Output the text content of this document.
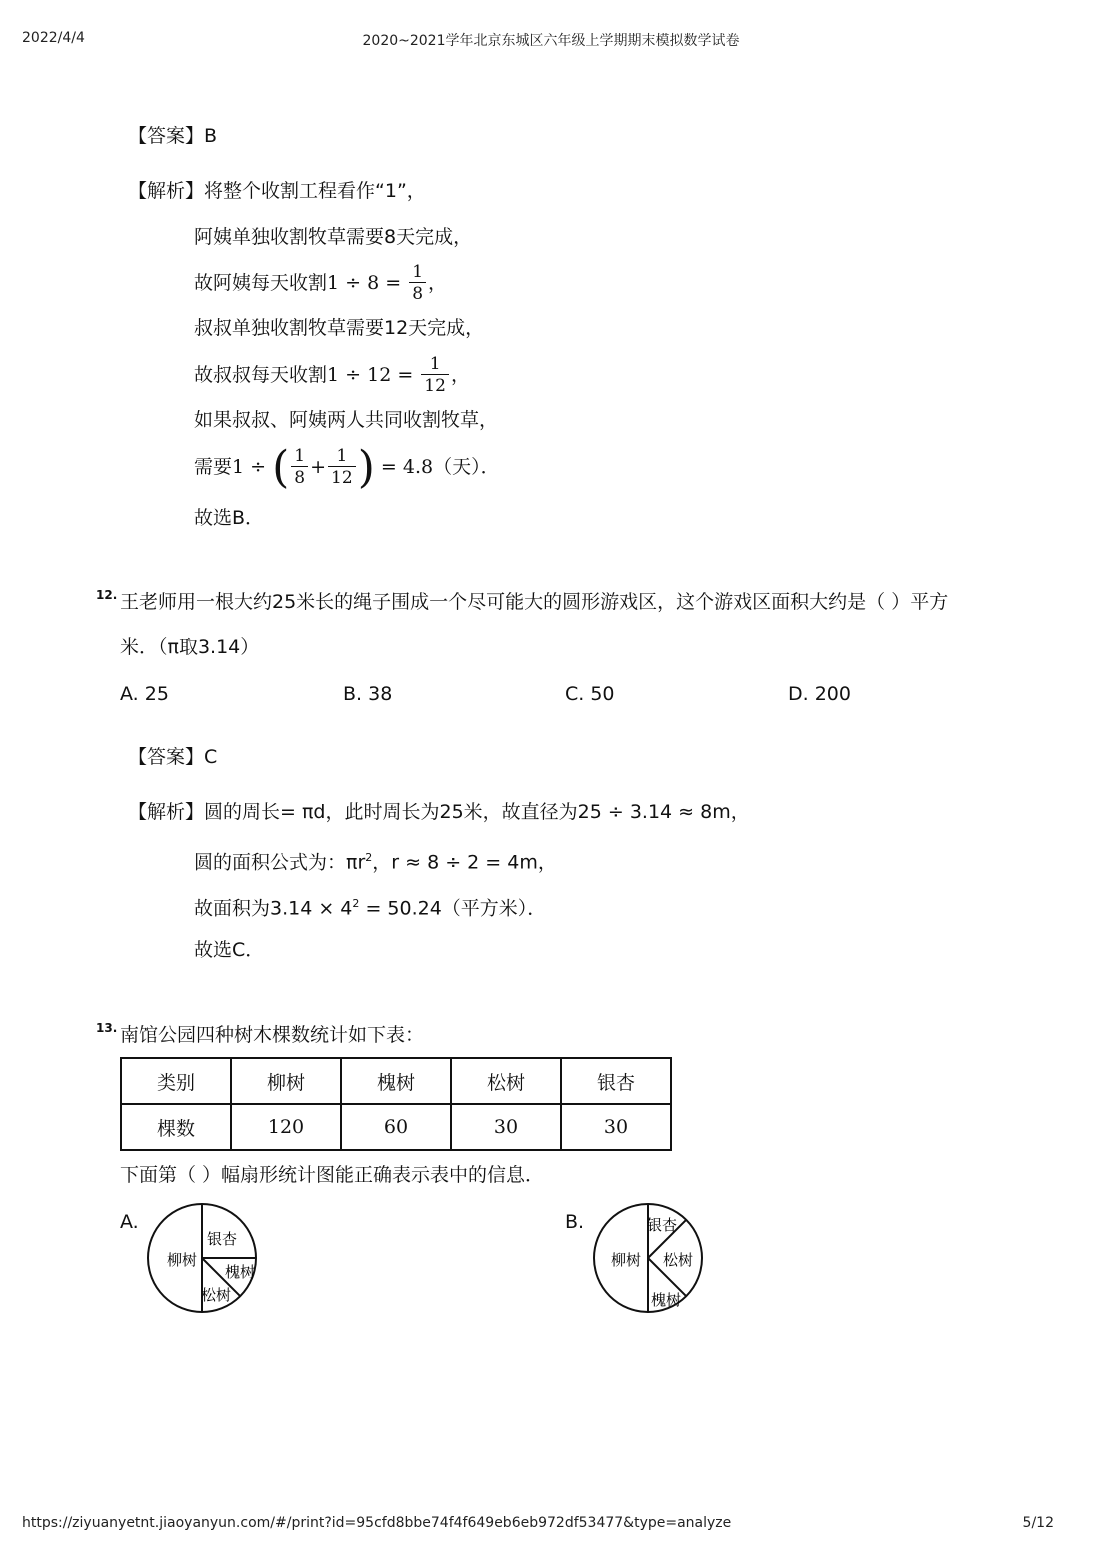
2022/4/4	2020~2021学年北京东城区六年级上学期期末模拟数学试卷
【答案】B
【解析】将整个收割工程看作“1”，
阿姨单独收割牧草需要8天完成，
故阿姨每天收割$1 \div 8 = \frac{1}{8}$ ，
叔叔单独收割牧草需要12天完成，
故叔叔每天收割$1 \div 12 = \frac{1}{12}$ ，
如果叔叔、阿姨两人共同收割牧草，
需要1 ÷ ( $\frac{1}{8} + \frac{1}{12}$ ) = 4.8（天）．
故选B．
12. 王老师用一根大约25米长的绳子围成一个尽可能大的圆形游戏区，这个游戏区面积大约是（ ）平方
米．（π取3.14）
A. 25	B. 38	C. 50	D. 200
【答案】C
【解析】圆的周长= πd，此时周长为25米，故直径为25 ÷ 3.14 ≈ 8m，
圆的面积公式为：$\pi r^2$，r ≈ 8 ÷ 2 = 4m，
故面积为$3.14 \times 4^2 = 50.24$（平方米）．
故选C．
13. 南馆公园四种树木棵数统计如下表：
类别	柳树	槐树	松树	银杏
棵数	120	60	30	30
下面第（ ）幅扇形统计图能正确表示表中的信息．
A.
银杏
柳树
槐树
松树
B.	银杏
柳树 松树
槐树
https://ziyuanyetnt.jiaoyanyun.com/#/print?id=95cfd8bbe74f4f649eb6eb972df53477&type=analyze	5/12
